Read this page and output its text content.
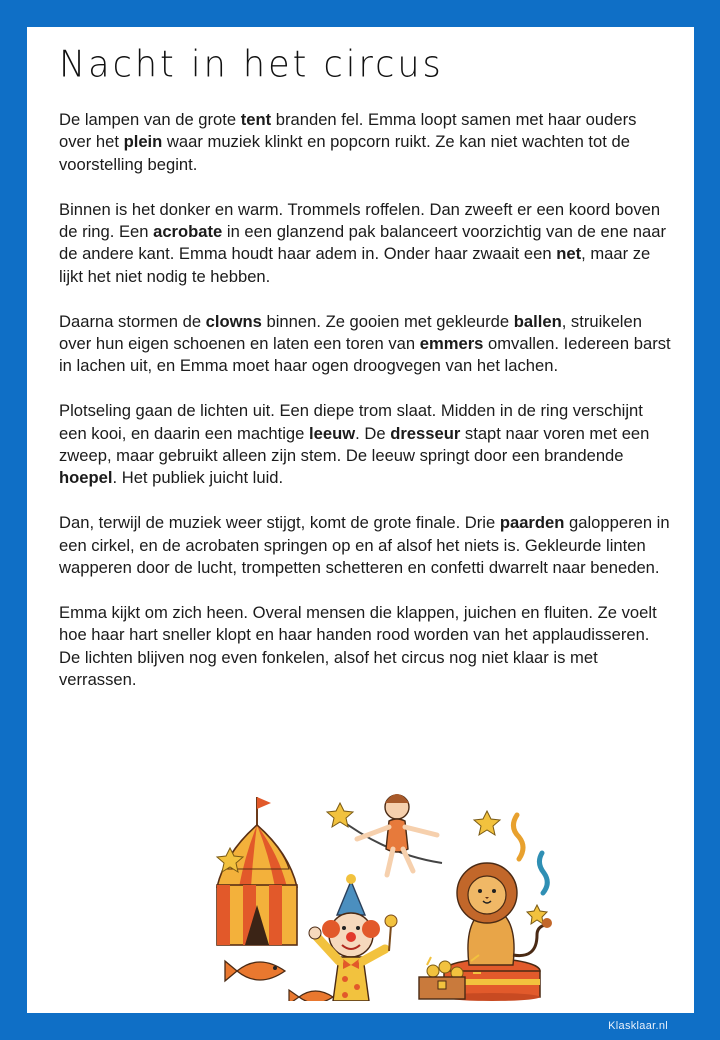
Nacht in het circus

De lampen van de grote tent branden fel. Emma loopt samen met haar ouders over het plein waar muziek klinkt en popcorn ruikt. Ze kan niet wachten tot de voorstelling begint.

Binnen is het donker en warm. Trommels roffelen. Dan zweeft er een koord boven de ring. Een acrobate in een glanzend pak balanceert voorzichtig van de ene naar de andere kant. Emma houdt haar adem in. Onder haar zwaait een net, maar ze lijkt het niet nodig te hebben.

Daarna stormen de clowns binnen. Ze gooien met gekleurde ballen, struikelen over hun eigen schoenen en laten een toren van emmers omvallen. Iedereen barst in lachen uit, en Emma moet haar ogen droogvegen van het lachen.

Plotseling gaan de lichten uit. Een diepe trom slaat. Midden in de ring verschijnt een kooi, en daarin een machtige leeuw. De dresseur stapt naar voren met een zweep, maar gebruikt alleen zijn stem. De leeuw springt door een brandende hoepel. Het publiek juicht luid.

Dan, terwijl de muziek weer stijgt, komt de grote finale. Drie paarden galopperen in een cirkel, en de acrobaten springen op en af alsof het niets is. Gekleurde linten wapperen door de lucht, trompetten schetteren en confetti dwarrelt naar beneden.

Emma kijkt om zich heen. Overal mensen die klappen, juichen en fluiten. Ze voelt hoe haar hart sneller klopt en haar handen rood worden van het applaudisseren. De lichten blijven nog even fonkelen, alsof het circus nog niet klaar is met verrassen.

Klasklaar.nl
